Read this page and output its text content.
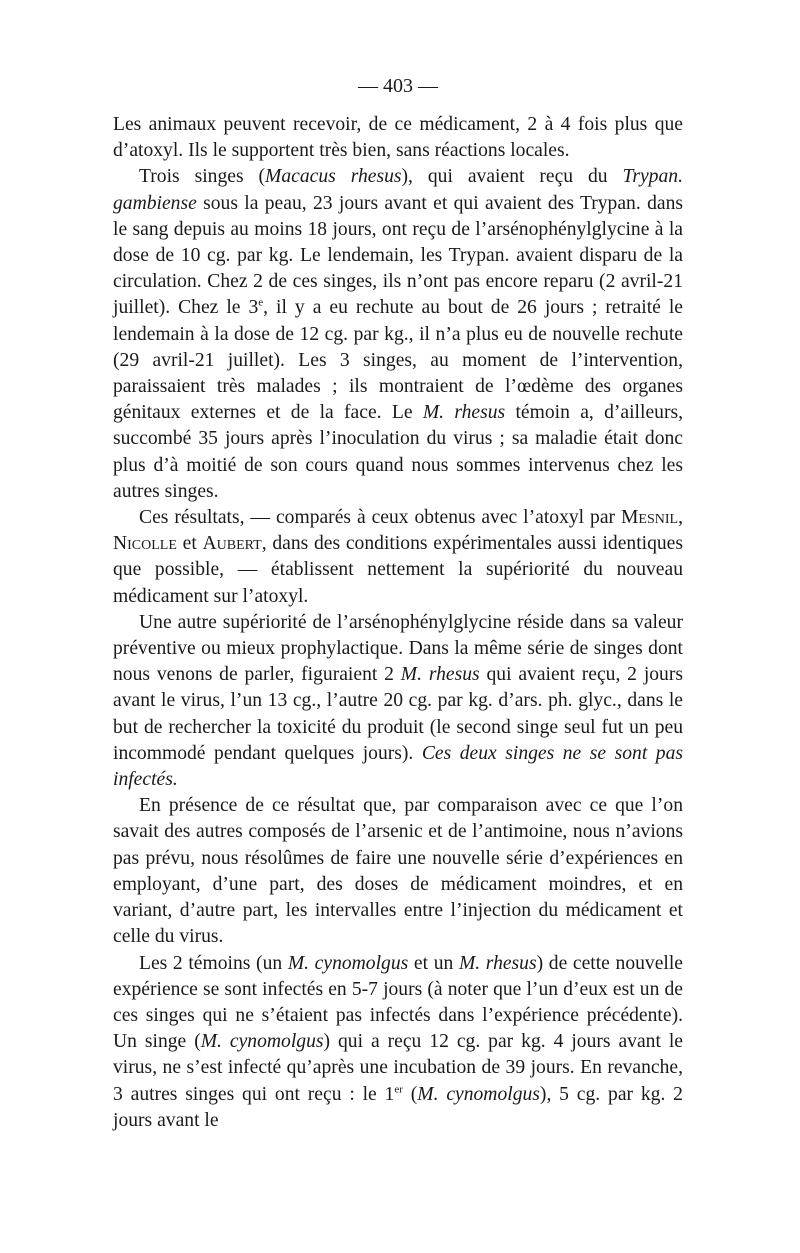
— 403 —

Les animaux peuvent recevoir, de ce médicament, 2 à 4 fois plus que d’atoxyl. Ils le supportent très bien, sans réactions locales.

Trois singes (Macacus rhesus), qui avaient reçu du Trypan. gambiense sous la peau, 23 jours avant et qui avaient des Trypan. dans le sang depuis au moins 18 jours, ont reçu de l’arsénophénylglycine à la dose de 10 cg. par kg. Le lendemain, les Trypan. avaient disparu de la circulation. Chez 2 de ces singes, ils n’ont pas encore reparu (2 avril-21 juillet). Chez le 3e, il y a eu rechute au bout de 26 jours ; retraité le lendemain à la dose de 12 cg. par kg., il n’a plus eu de nouvelle rechute (29 avril-21 juillet). Les 3 singes, au moment de l’intervention, paraissaient très malades ; ils montraient de l’œdème des organes génitaux externes et de la face. Le M. rhesus témoin a, d’ailleurs, succombé 35 jours après l’inoculation du virus ; sa maladie était donc plus d’à moitié de son cours quand nous sommes intervenus chez les autres singes.

Ces résultats, — comparés à ceux obtenus avec l’atoxyl par Mesnil, Nicolle et Aubert, dans des conditions expérimentales aussi identiques que possible, — établissent nettement la supériorité du nouveau médicament sur l’atoxyl.

Une autre supériorité de l’arsénophénylglycine réside dans sa valeur préventive ou mieux prophylactique. Dans la même série de singes dont nous venons de parler, figuraient 2 M. rhesus qui avaient reçu, 2 jours avant le virus, l’un 13 cg., l’autre 20 cg. par kg. d’ars. ph. glyc., dans le but de rechercher la toxicité du produit (le second singe seul fut un peu incommodé pendant quelques jours). Ces deux singes ne se sont pas infectés.

En présence de ce résultat que, par comparaison avec ce que l’on savait des autres composés de l’arsenic et de l’antimoine, nous n’avions pas prévu, nous résolûmes de faire une nouvelle série d’expériences en employant, d’une part, des doses de médicament moindres, et en variant, d’autre part, les intervalles entre l’injection du médicament et celle du virus.

Les 2 témoins (un M. cynomolgus et un M. rhesus) de cette nouvelle expérience se sont infectés en 5-7 jours (à noter que l’un d’eux est un de ces singes qui ne s’étaient pas infectés dans l’expérience précédente). Un singe (M. cynomolgus) qui a reçu 12 cg. par kg. 4 jours avant le virus, ne s’est infecté qu’après une incubation de 39 jours. En revanche, 3 autres singes qui ont reçu : le 1er (M. cynomolgus), 5 cg. par kg. 2 jours avant le
